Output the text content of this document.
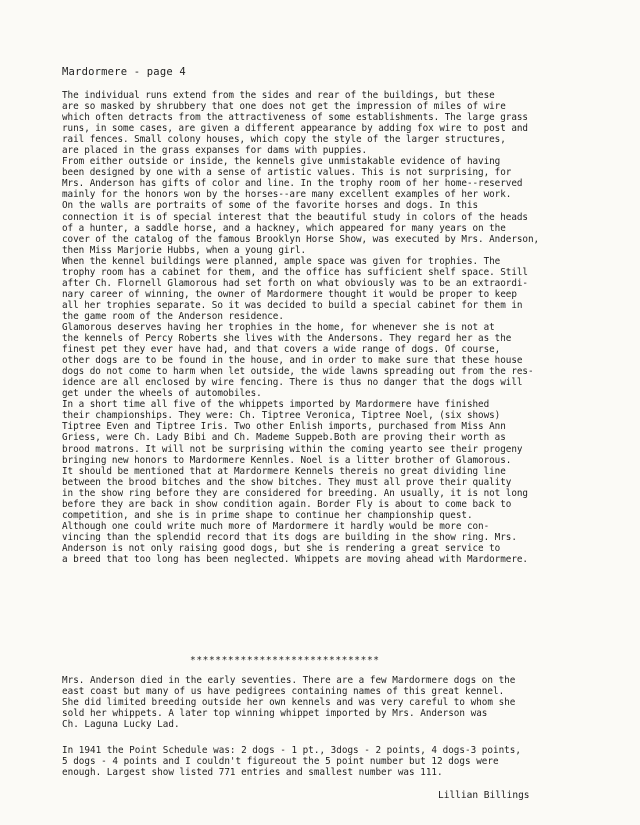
Mardormere - page 4
The individual runs extend from the sides and rear of the buildings, but these
are so masked by shrubbery that one does not get the impression of miles of wire
which often detracts from the attractiveness of some establishments. The large grass
runs, in some cases, are given a different appearance by adding fox wire to post and
rail fences. Small colony houses, which copy the style of the larger structures,
are placed in the grass expanses for dams with puppies.
From either outside or inside, the kennels give unmistakable evidence of having
been designed by one with a sense of artistic values. This is not surprising, for
Mrs. Anderson has gifts of color and line. In the trophy room of her home--reserved
mainly for the honors won by the horses--are many excellent examples of her work.
On the walls are portraits of some of the favorite horses and dogs. In this
connection it is of special interest that the beautiful study in colors of the heads
of a hunter, a saddle horse, and a hackney, which appeared for many years on the
cover of the catalog of the famous Brooklyn Horse Show, was executed by Mrs. Anderson,
then Miss Marjorie Hubbs, when a young girl.
When the kennel buildings were planned, ample space was given for trophies. The
trophy room has a cabinet for them, and the office has sufficient shelf space. Still
after Ch. Flornell Glamorous had set forth on what obviously was to be an extraordi-
nary career of winning, the owner of Mardormere thought it would be proper to keep
all her trophies separate. So it was decided to build a special cabinet for them in
the game room of the Anderson residence.
Glamorous deserves having her trophies in the home, for whenever she is not at
the kennels of Percy Roberts she lives with the Andersons. They regard her as the
finest pet they ever have had, and that covers a wide range of dogs. Of course,
other dogs are to be found in the house, and in order to make sure that these house
dogs do not come to harm when let outside, the wide lawns spreading out from the res-
idence are all enclosed by wire fencing. There is thus no danger that the dogs will
get under the wheels of automobiles.
In a short time all five of the whippets imported by Mardormere have finished
their championships. They were: Ch. Tiptree Veronica, Tiptree Noel, (six shows)
Tiptree Even and Tiptree Iris. Two other Enlish imports, purchased from Miss Ann
Griess, were Ch. Lady Bibi and Ch. Mademe Suppeb.Both are proving their worth as
brood matrons. It will not be surprising within the coming yearto see their progeny
bringing new honors to Mardormere Kennles. Noel is a litter brother of Glamorous.
It should be mentioned that at Mardormere Kennels thereis no great dividing line
between the brood bitches and the show bitches. They must all prove their quality
in the show ring before they are considered for breeding. An usually, it is not long
before they are back in show condition again. Border Fly is about to come back to
competition, and she is in prime shape to continue her championship quest.
Although one could write much more of Mardormere it hardly would be more con-
vincing than the splendid record that its dogs are building in the show ring. Mrs.
Anderson is not only raising good dogs, but she is rendering a great service to
a breed that too long has been neglected. Whippets are moving ahead with Mardormere.
******************************
Mrs. Anderson died in the early seventies. There are a few Mardormere dogs on the
east coast but many of us have pedigrees containing names of this great kennel.
She did limited breeding outside her own kennels and was very careful to whom she
sold her whippets. A later top winning whippet imported by Mrs. Anderson was
Ch. Laguna Lucky Lad.
In 1941 the Point Schedule was: 2 dogs - 1 pt., 3dogs - 2 points, 4 dogs-3 points,
5 dogs - 4 points and I couldn't figureout the 5 point number but 12 dogs were
enough. Largest show listed 771 entries and smallest number was 111.
Lillian Billings
